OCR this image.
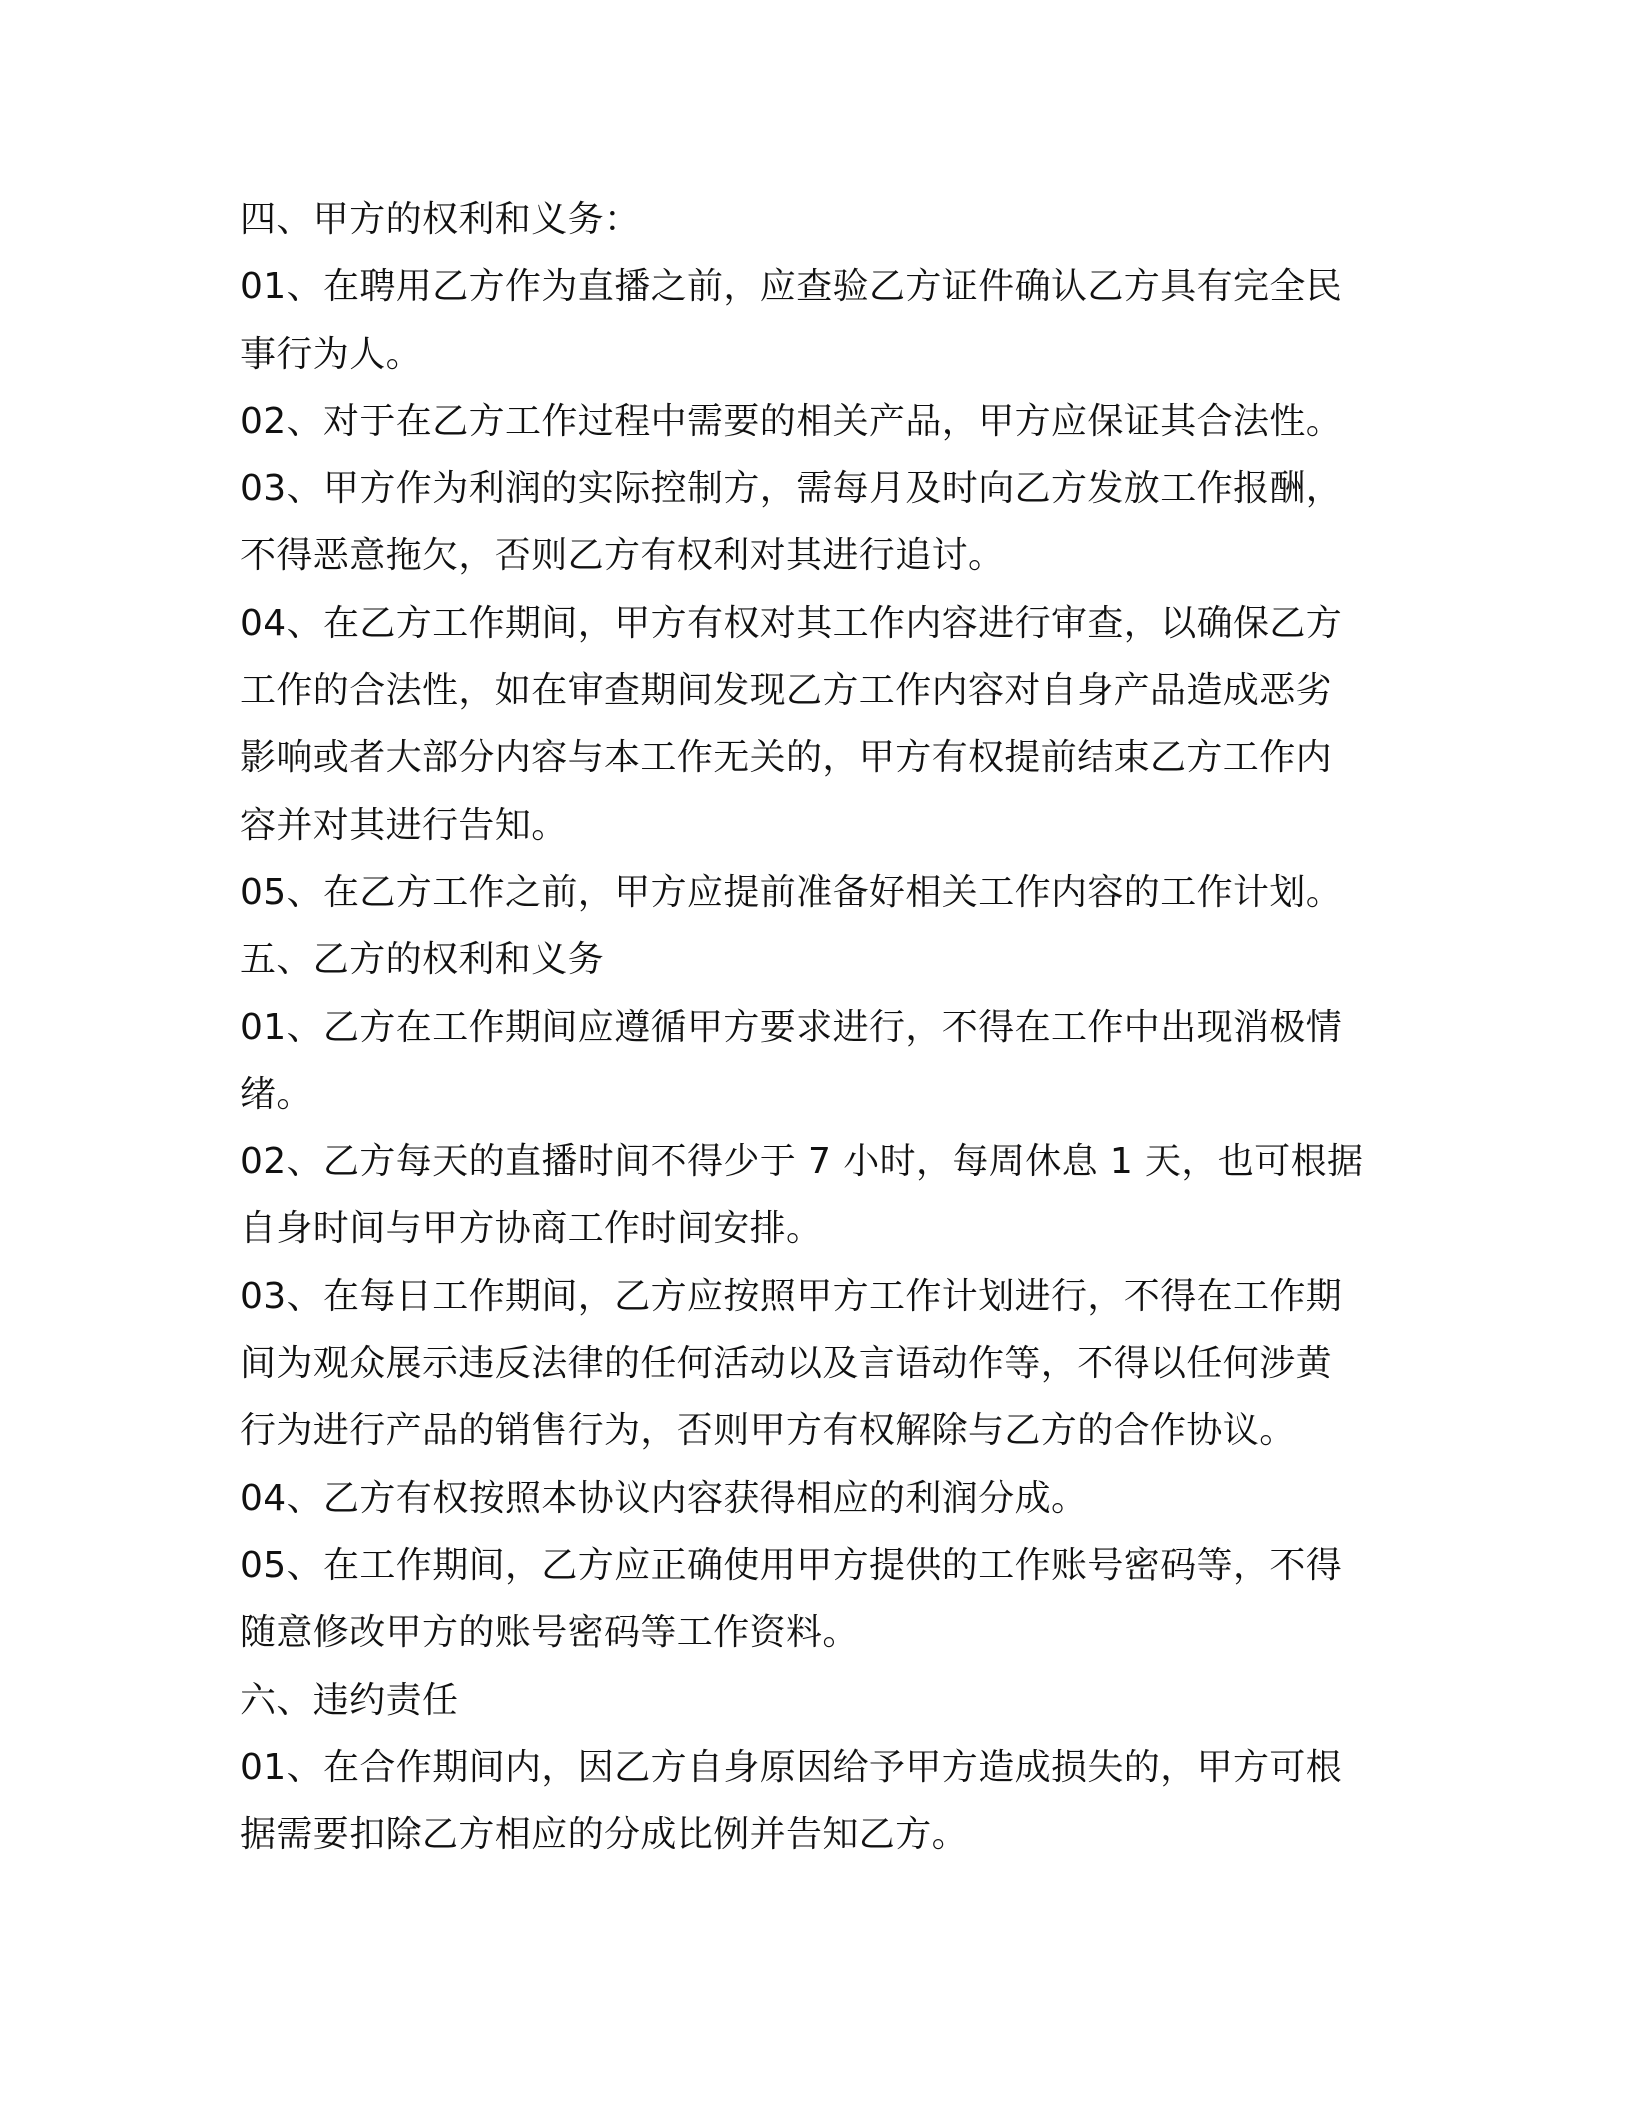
四、甲方的权利和义务：
01、在聘用乙方作为直播之前，应查验乙方证件确认乙方具有完全民
事行为人。
02、对于在乙方工作过程中需要的相关产品，甲方应保证其合法性。
03、甲方作为利润的实际控制方，需每月及时向乙方发放工作报酬，
不得恶意拖欠，否则乙方有权利对其进行追讨。
04、在乙方工作期间，甲方有权对其工作内容进行审查，以确保乙方
工作的合法性，如在审查期间发现乙方工作内容对自身产品造成恶劣
影响或者大部分内容与本工作无关的，甲方有权提前结束乙方工作内
容并对其进行告知。
05、在乙方工作之前，甲方应提前准备好相关工作内容的工作计划。
五、乙方的权利和义务
01、乙方在工作期间应遵循甲方要求进行，不得在工作中出现消极情
绪。
02、乙方每天的直播时间不得少于 7 小时，每周休息 1 天，也可根据
自身时间与甲方协商工作时间安排。
03、在每日工作期间，乙方应按照甲方工作计划进行，不得在工作期
间为观众展示违反法律的任何活动以及言语动作等，不得以任何涉黄
行为进行产品的销售行为，否则甲方有权解除与乙方的合作协议。
04、乙方有权按照本协议内容获得相应的利润分成。
05、在工作期间，乙方应正确使用甲方提供的工作账号密码等，不得
随意修改甲方的账号密码等工作资料。
六、违约责任
01、在合作期间内，因乙方自身原因给予甲方造成损失的，甲方可根
据需要扣除乙方相应的分成比例并告知乙方。
